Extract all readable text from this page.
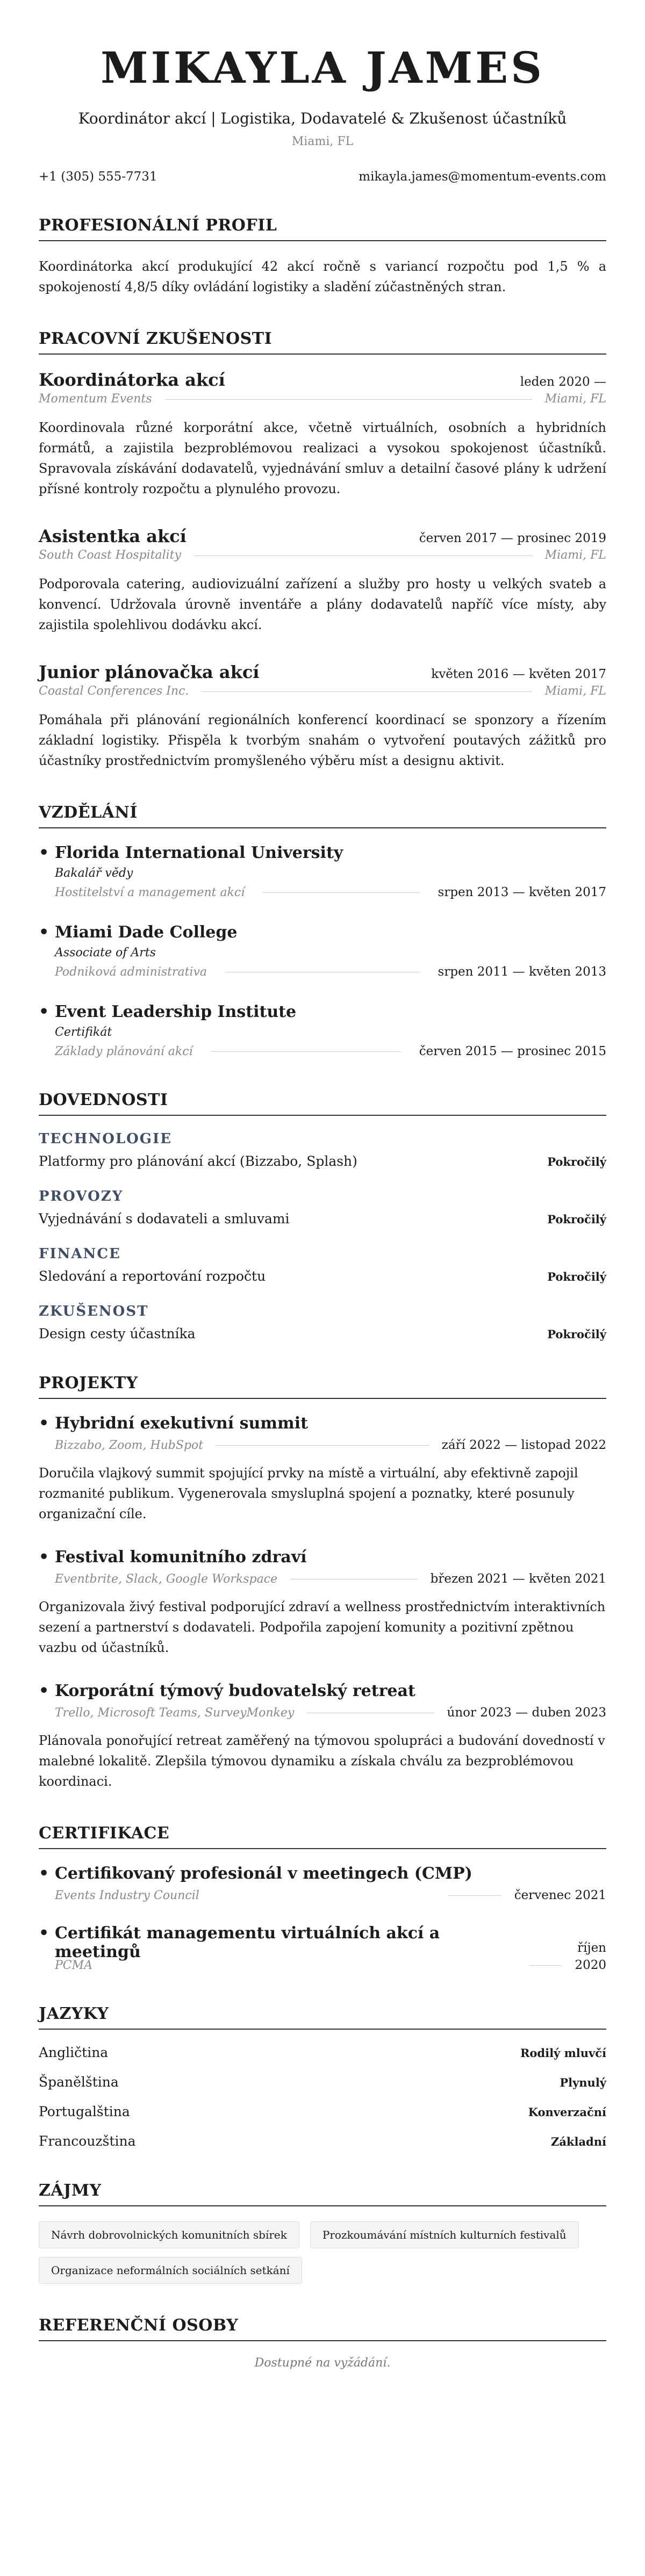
MIKAYLA JAMES
Koordinátor akcí | Logistika, Dodavatelé & Zkušenost účastníků
Miami, FL
+1 (305) 555-7731	mikayla.james@momentum-events.com
PROFESIONÁLNÍ PROFIL
Koordinátorka akcí produkující 42 akcí ročně s variancí rozpočtu pod 1,5 % a spokojeností 4,8/5 díky ovládání logistiky a sladění zúčastněných stran.
PRACOVNÍ ZKUŠENOSTI
Koordinátorka akcí	leden 2020 —
Momentum Events	Miami, FL
Koordinovala různé korporátní akce, včetně virtuálních, osobních a hybridních formátů, a zajistila bezproblémovou realizaci a vysokou spokojenost účastníků. Spravovala získávání dodavatelů, vyjednávání smluv a detailní časové plány k udržení přísné kontroly rozpočtu a plynulého provozu.
Asistentka akcí	červen 2017 — prosinec 2019
South Coast Hospitality	Miami, FL
Podporovala catering, audiovizuální zařízení a služby pro hosty u velkých svateb a konvencí. Udržovala úrovně inventáře a plány dodavatelů napříč více místy, aby zajistila spolehlivou dodávku akcí.
Junior plánovačka akcí	květen 2016 — květen 2017
Coastal Conferences Inc.	Miami, FL
Pomáhala při plánování regionálních konferencí koordinací se sponzory a řízením základní logistiky. Přispěla k tvorbým snahám o vytvoření poutavých zážitků pro účastníky prostřednictvím promyšleného výběru míst a designu aktivit.
VZDĚLÁNÍ
• Florida International University
Bakalář vědy
Hostitelství a management akcí	srpen 2013 — květen 2017
• Miami Dade College
Associate of Arts
Podniková administrativa	srpen 2011 — květen 2013
• Event Leadership Institute
Certifikát
Základy plánování akcí	červen 2015 — prosinec 2015
DOVEDNOSTI
TECHNOLOGIE
Platformy pro plánování akcí (Bizzabo, Splash)	Pokročilý
PROVOZY
Vyjednávání s dodavateli a smluvami	Pokročilý
FINANCE
Sledování a reportování rozpočtu	Pokročilý
ZKUŠENOST
Design cesty účastníka	Pokročilý
PROJEKTY
• Hybridní exekutivní summit
Bizzabo, Zoom, HubSpot	září 2022 — listopad 2022
Doručila vlajkový summit spojující prvky na místě a virtuální, aby efektivně zapojil rozmanité publikum. Vygenerovala smysluplná spojení a poznatky, které posunuly organizační cíle.
• Festival komunitního zdraví
Eventbrite, Slack, Google Workspace	březen 2021 — květen 2021
Organizovala živý festival podporující zdraví a wellness prostřednictvím interaktivních sezení a partnerství s dodavateli. Podpořila zapojení komunity a pozitivní zpětnou vazbu od účastníků.
• Korporátní týmový budovatelský retreat
Trello, Microsoft Teams, SurveyMonkey	únor 2023 — duben 2023
Plánovala ponořující retreat zaměřený na týmovou spolupráci a budování dovedností v malebné lokalitě. Zlepšila týmovou dynamiku a získala chválu za bezproblémovou koordinaci.
CERTIFIKACE
• Certifikovaný profesionál v meetingech (CMP)
Events Industry Council	červenec 2021
• Certifikát managementu virtuálních akcí a
meetingů	říjen
PCMA	2020
JAZYKY
Angličtina	Rodilý mluvčí
Španělština	Plynulý
Portugalština	Konverzační
Francouzština	Základní
ZÁJMY
Návrh dobrovolnických komunitních sbírek	Prozkoumávání místních kulturních festivalů
Organizace neformálních sociálních setkání
REFERENČNÍ OSOBY
Dostupné na vyžádání.
